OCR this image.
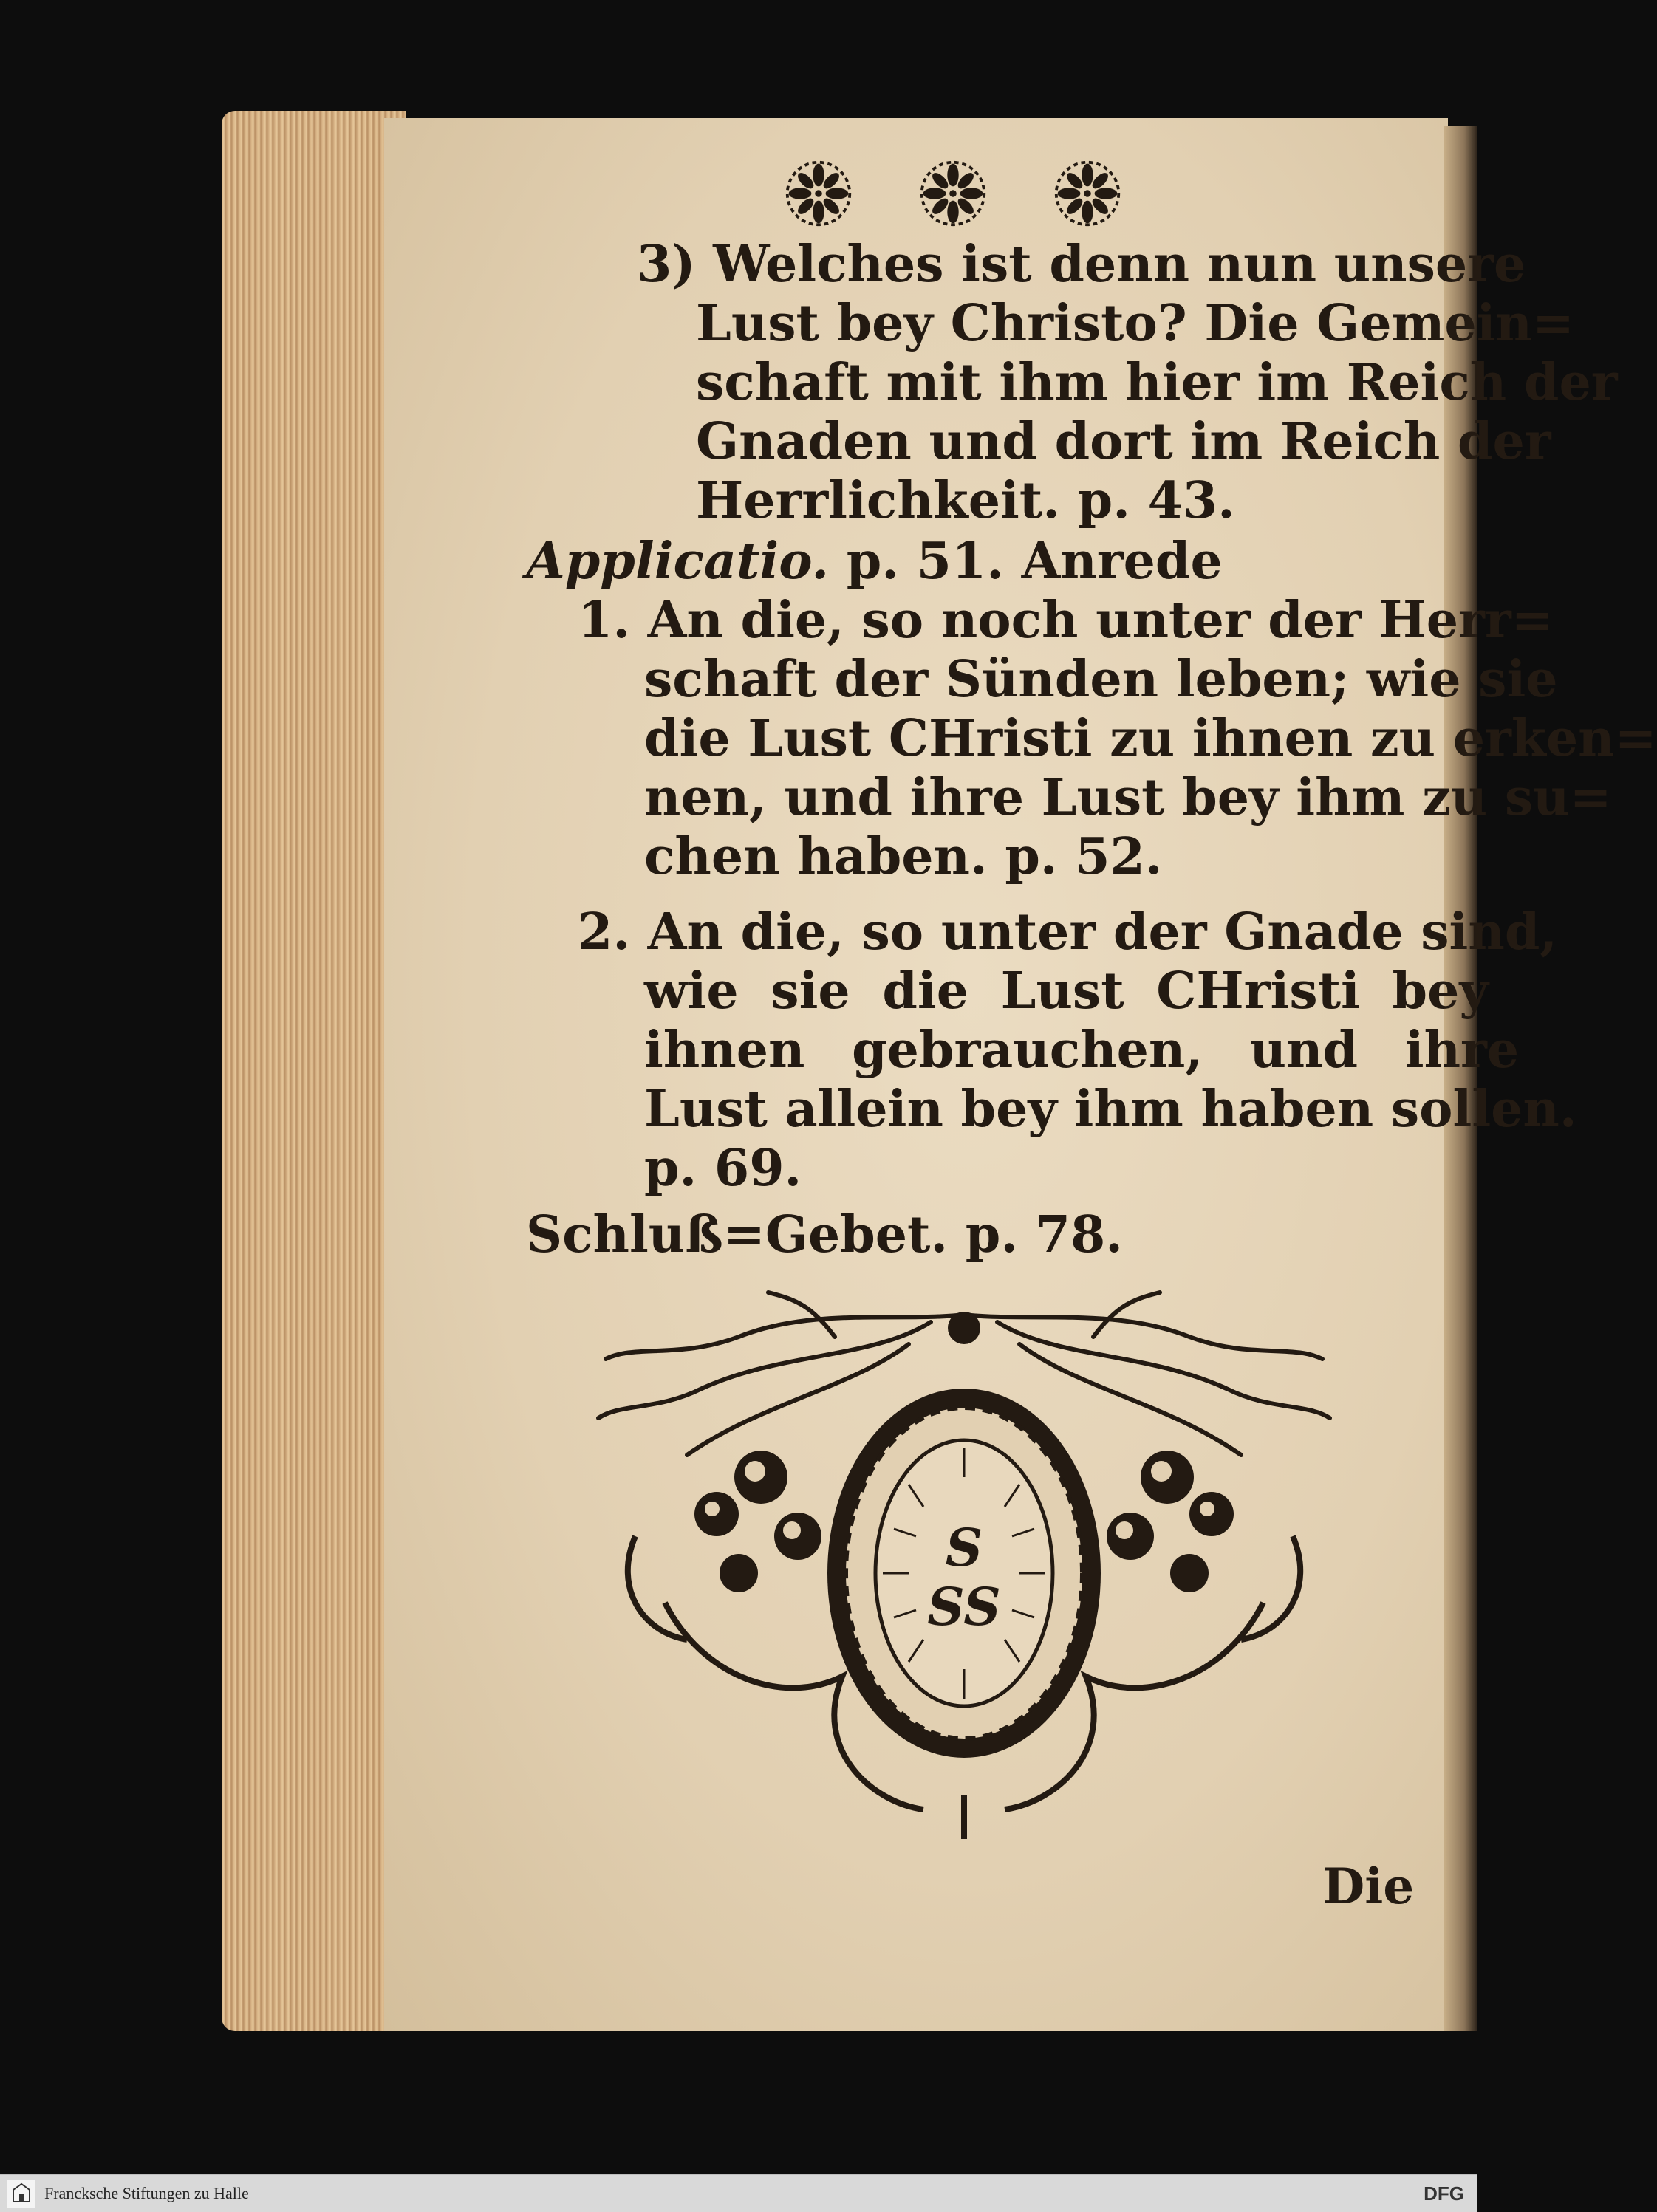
3) Welches ist denn nun unsere
Lust bey Christo? Die Gemein=
schaft mit ihm hier im Reich der
Gnaden und dort im Reich der
Herrlichkeit. p. 43.
Applicatio. p. 51. Anrede
1. An die, so noch unter der Herr=
schaft der Sünden leben; wie sie
die Lust CHristi zu ihnen zu erken=
nen, und ihre Lust bey ihm zu su=
chen haben. p. 52.
2. An die, so unter der Gnade sind,
wie sie die Lust CHristi bey
ihnen gebrauchen, und ihre
Lust allein bey ihm haben sollen.
p. 69.
Schluß=Gebet. p. 78.
S
SS
Die
Francksche Stiftungen zu Halle	DFG
